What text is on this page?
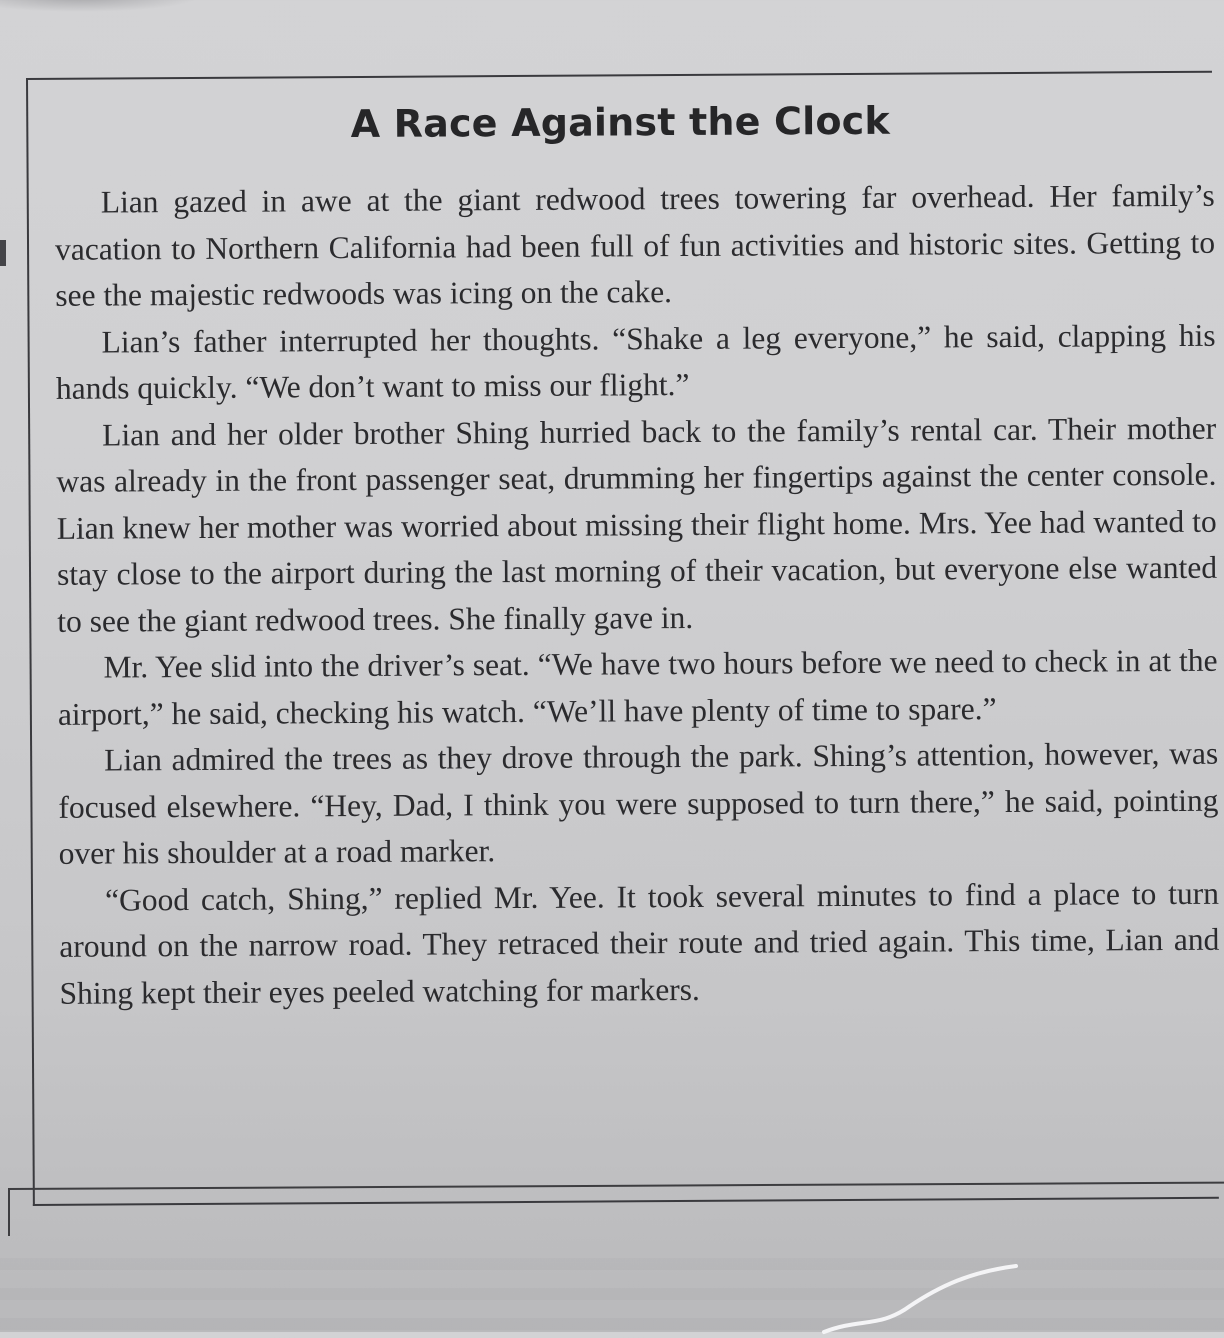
A Race Against the Clock

Lian gazed in awe at the giant redwood trees towering far overhead. Her family’s vacation to Northern California had been full of fun activities and historic sites. Getting to see the majestic redwoods was icing on the cake.

Lian’s father interrupted her thoughts. “Shake a leg everyone,” he said, clapping his hands quickly. “We don’t want to miss our flight.”

Lian and her older brother Shing hurried back to the family’s rental car. Their mother was already in the front passenger seat, drumming her fingertips against the center console. Lian knew her mother was worried about missing their flight home. Mrs. Yee had wanted to stay close to the airport during the last morning of their vacation, but everyone else wanted to see the giant redwood trees. She finally gave in.

Mr. Yee slid into the driver’s seat. “We have two hours before we need to check in at the airport,” he said, checking his watch. “We’ll have plenty of time to spare.”

Lian admired the trees as they drove through the park. Shing’s attention, however, was focused elsewhere. “Hey, Dad, I think you were supposed to turn there,” he said, pointing over his shoulder at a road marker.

“Good catch, Shing,” replied Mr. Yee. It took several minutes to find a place to turn around on the narrow road. They retraced their route and tried again. This time, Lian and Shing kept their eyes peeled watching for markers.
